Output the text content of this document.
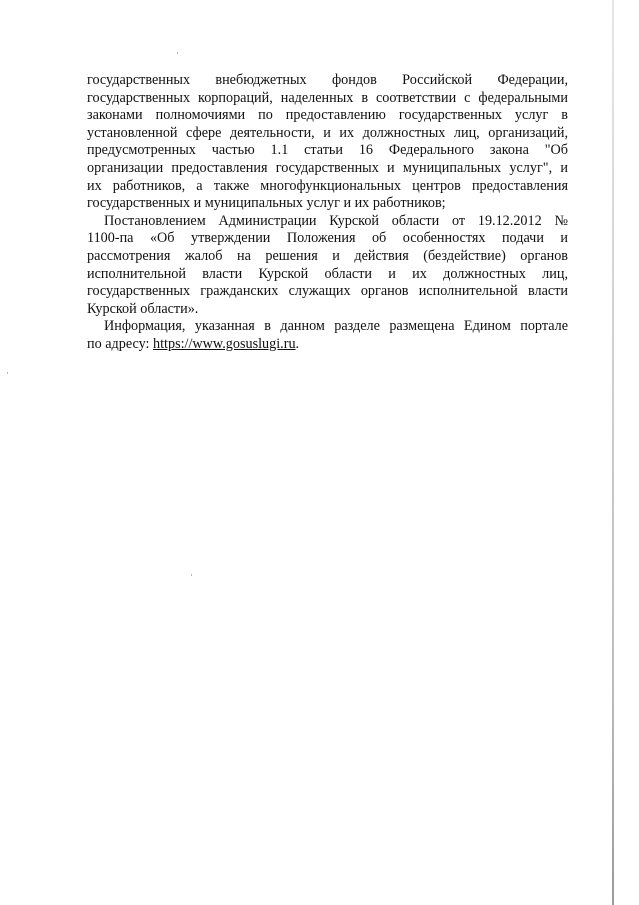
государственных внебюджетных фондов Российской Федерации,
государственных корпораций, наделенных в соответствии с федеральными
законами полномочиями по предоставлению государственных услуг в
установленной сфере деятельности, и их должностных лиц, организаций,
предусмотренных частью 1.1 статьи 16 Федерального закона "Об
организации предоставления государственных и муниципальных услуг", и
их работников, а также многофункциональных центров предоставления
государственных и муниципальных услуг и их работников;
Постановлением Администрации Курской области от 19.12.2012 №
1100-па «Об утверждении Положения об особенностях подачи и
рассмотрения жалоб на решения и действия (бездействие) органов
исполнительной власти Курской области и их должностных лиц,
государственных гражданских служащих органов исполнительной власти
Курской области».
Информация, указанная в данном разделе размещена Едином портале
по адресу: https://www.gosuslugi.ru.
